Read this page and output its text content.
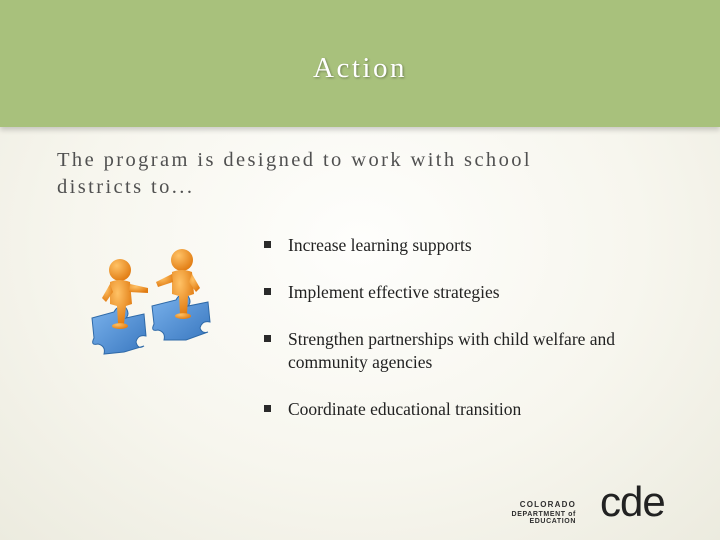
Action
The program is designed to work with school districts to...
Increase learning supports
Implement effective strategies
Strengthen partnerships with child welfare and community agencies
Coordinate educational transition
COLORADO
DEPARTMENT of EDUCATION cde
